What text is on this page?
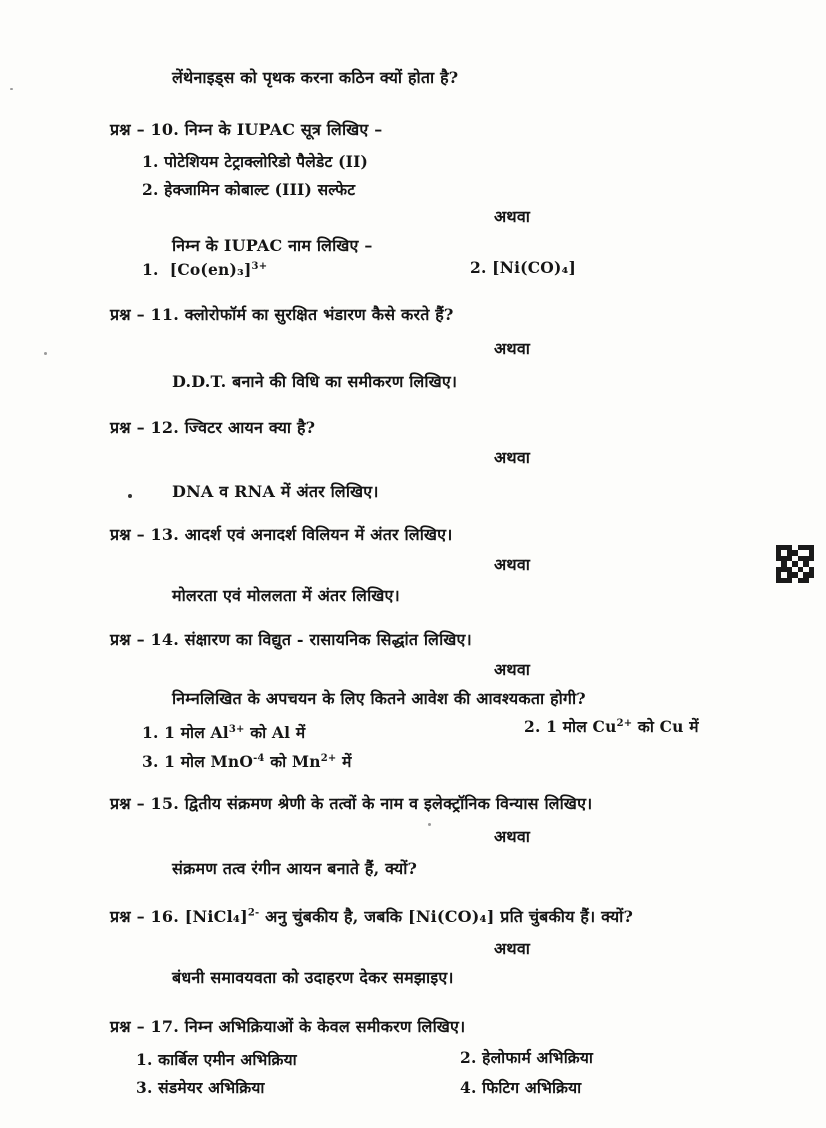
लेंथेनाइड्स को पृथक करना कठिन क्यों होता है?
प्रश्न – 10. निम्न के IUPAC सूत्र लिखिए –
1. पोटेशियम टेट्राक्लोरिडो पैलेडेट (II)
2. हेक्जामिन कोबाल्ट (III) सल्फेट
अथवा
निम्न के IUPAC नाम लिखिए –
1. $[Co(en)_3]^{3+}$	2. [Ni(CO)₄]
प्रश्न – 11. क्लोरोफॉर्म का सुरक्षित भंडारण कैसे करते हैं?
अथवा
D.D.T. बनाने की विधि का समीकरण लिखिए।
प्रश्न – 12. ज्विटर आयन क्या है?
अथवा
DNA व RNA में अंतर लिखिए।
प्रश्न – 13. आदर्श एवं अनादर्श विलियन में अंतर लिखिए।
अथवा
मोलरता एवं मोललता में अंतर लिखिए।
प्रश्न – 14. संक्षारण का विद्युत - रासायनिक सिद्धांत लिखिए।
अथवा
निम्नलिखित के अपचयन के लिए कितने आवेश की आवश्यकता होगी?
1. 1 मोल $Al^{3+}$ को Al में	2. 1 मोल $Cu^{2+}$ को Cu में
3. 1 मोल MnO$^{-4}$ को $Mn^{2+}$ में
प्रश्न – 15. द्वितीय संक्रमण श्रेणी के तत्वों के नाम व इलेक्ट्रॉनिक विन्यास लिखिए।
अथवा
संक्रमण तत्व रंगीन आयन बनाते हैं, क्यों?
प्रश्न – 16. [NiCl₄]$^{2-}$ अनु चुंबकीय है, जबकि [Ni(CO)₄] प्रति चुंबकीय हैं। क्यों?
अथवा
बंधनी समावयवता को उदाहरण देकर समझाइए।
प्रश्न – 17. निम्न अभिक्रियाओं के केवल समीकरण लिखिए।
1. कार्बिल एमीन अभिक्रिया	2. हेलोफार्म अभिक्रिया
3. संडमेयर अभिक्रिया	4. फिटिग अभिक्रिया
